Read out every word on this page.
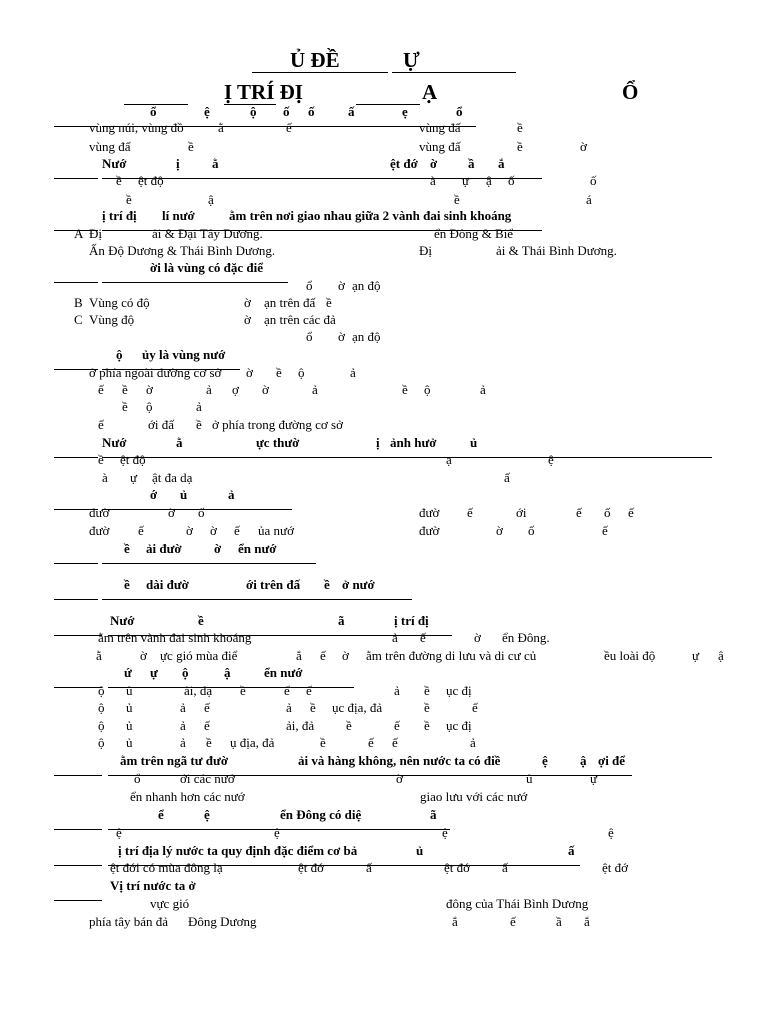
Ủ ĐỀ	Ự
Ị TRÍ ĐỊ	Ạ	Ổ
ổ	ệ	ộ ố ố	ấ	ẹ	ổ
vùng núi, vùng đồ	ằ	ế	vùng đấ	ề
vùng đấ	ề	vùng đấ	ề	ờ
Nướ	ị ằ	ệt đớ ờ ầ ắ
ề ệt độ	à ự ậ ố	ố
ề	ậ	ề	á
ị trí đị lí nướ	ằm trên nơi giao nhau giữa 2 vành đai sinh khoáng
A Đị	ải & Đại Tây Dương.	ển Đông & Biể
Ấn Độ Dương & Thái Bình Dương.	Đị	ải & Thái Bình Dương.
ời là vùng có đặc điể
ổ ờ ạn độ
B Vùng có độ	ờ ạn trên đấ ề
C Vùng độ	ờ ạn trên các đả
ổ ờ ạn độ
ộ ủy là vùng nướ
ở phía ngoài đường cơ sở ờ ề ộ	ả
ế ề ờ	ả ợ ờ	ả	ề ộ	ả
ề ộ	ả
ế	ới đấ ề ở phía trong đường cơ sở
Nướ	ằ	ực thườ	ị ảnh hưở	ủ
ề ệt độ	ạ	ệ
à ự ật đa dạ	ấ
ớ ủ	ả
đườ	ờ ố	đườ ế	ới	ế ố ế
đườ ế	ờ ờ ế ủa nướ	đườ	ờ ố	ế
ề ải đườ ờ ển nướ
ề dài đườ	ới trên đấ ề ở nướ
Nướ	ề	ã	ị trí đị
ằm trên vành đai sinh khoáng	ả ế	ờ ển Đông.
ằ	ờ ực gió mùa điể	ắ ế ờ ằm trên đường di lưu và di cư củ	ều loài độ	ự ậ
ứ ự ộ	ậ	ển nướ
ộ ủ	ải, đạ ề	ế ế	ả ề ục đị
ộ ủ	ả ế	ả ề ục địa, đả	ề	ế
ộ ủ	ả ế	ải, đả ề	ế ề ục đị
ộ ủ	ả ề ụ địa, đả	ề	ế ế	ả
ằm trên ngã tư đườ	ải và hàng không, nên nước ta có điề	ệ ậ ợi để
ổ	ới các nướ	ờ	ủ	ự
ển nhanh hơn các nướ	giao lưu với các nướ
ể	ệ	ển Đông có diệ	ã
ệ	ệ	ệ	ệ
ị trí địa lý nước ta quy định đặc điểm cơ bả	ủ	ấ
ệt đới có mùa đông lạ	ệt đớ	ấ	ệt đớ ấ	ệt đớ
Vị trí nước ta ở
vực gió	đông của Thái Bình Dương
phía tây bán đả Đông Dương	ắ	ế	ầ ắ
